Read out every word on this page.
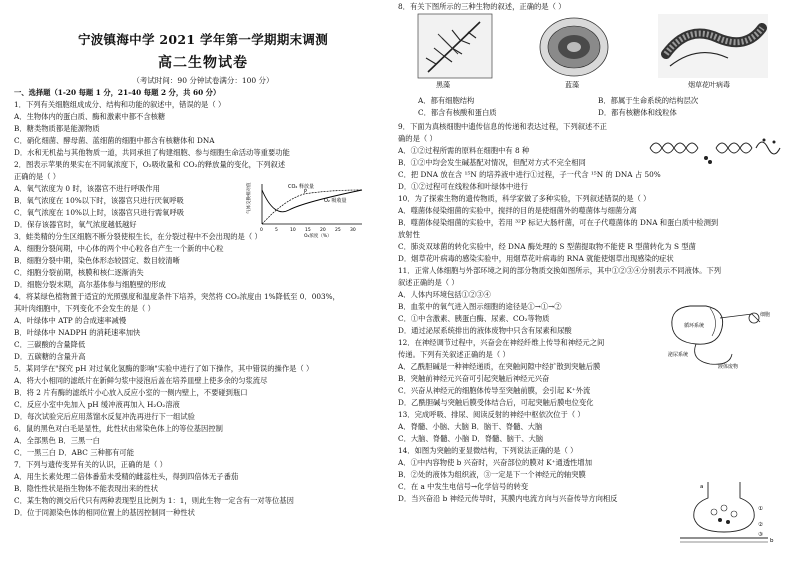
宁波镇海中学 2021 学年第一学期期末调测
高二生物试卷
（考试时间：90 分钟试卷满分：100 分）
一、选择题（1-20 每题 1 分，21-40 每题 2 分，共 60 分）
1．下列有关细胞组成成分、结构和功能的叙述中，错误的是（ ）
A．生物体内的蛋白质、酶和激素中都不含核糖
B．糖类物质都是能源物质
C．硝化细菌、酵母菌、蓝细菌的细胞中都含有核糖体和 DNA
D．水和无机盐与其他物质一道，共同承担了构建细胞、参与细胞生命活动等重要功能
2．图表示苹果的果实在不同氧浓度下，O₂吸收量和 CO₂的释放量的变化，下列叙述
正确的是（ ）
A．氧气浓度为 0 时，该器官不进行呼吸作用
B．氧气浓度在 10%以下时，该器官只进行厌氧呼吸
C．氧气浓度在 10%以上时，该器官只进行需氧呼吸
D．保存该器官时，氧气浓度越低越好
3．蛙类精的分生区细胞不断分裂使根生长，在分裂过程中不会出现的是（ ）
A．细胞分裂间期，中心体的两个中心粒各自产生一个新的中心粒
B．细胞分裂中期，染色体形态较固定、数目较清晰
C．细胞分裂前期，核膜和核仁逐渐消失
D．细胞分裂末期，高尔基体参与细胞壁的形成
4．将某绿色植物置于适宜的光照强度和温度条件下培养，突然将 CO₂浓度由 1%降低至 0．003%，
其叶肉细胞中，下列变化不会发生的是（ ）
A．叶绿体中 ATP 的合成速率减慢
B．叶绿体中 NADPH 的消耗速率加快
C．三碳酸的含量降低
D．五碳糖的含量升高
5．某同学在"探究 pH 对过氧化氢酶的影响"实验中进行了如下操作，其中错误的操作是（ ）
A．将大小相同的滤纸片在新鲜匀浆中浸泡后盖在培养皿壁上使多余的匀浆流尽
B．将 2 片有酶的滤纸片小心放入反应小室的一侧内壁上，不要碰到瓶口
C．反应小室中先加入 pH 缓冲液再加入 H₂O₂溶液
D．每次试验完后应用蒸馏水反复冲洗再进行下一组试验
6．鼠的黑色对白毛是显性，此性状由常染色体上的等位基因控制
A．全部黑色 B．三黑一白
C．一黑三白 D．ABC 三种都有可能
7．下列与遗传变异有关的认识，正确的是（ ）
A．用生长素处理二倍体番茄未受精的雌蕊柱头，得到四倍体无子番茄
B．隐性性状是指生物体不能表现出来的性状
C．某生物的测交后代只有两种表现型且比例为 1：1，则此生物一定含有一对等位基因
D．位于同源染色体的相同位置上的基因控制同一种性状
CO₂ 释放量
O₂ 吸收量
P
气体交换相对值
0	5	10 15 20 25 30
O₂浓度（%）
8．有关下图所示的三种生物的叙述，正确的是（ ）
A．都有细胞结构	B．都属于生命系统的结构层次
C．都含有核酸和蛋白质	D．都有核糖体和线粒体
9．下面为真核细胞中遗传信息的传递和表达过程，下列叙述不正
确的是（ ）
A．①②过程所需的原料在细胞中有 8 种
B．①②中均会发生碱基配对情况，但配对方式不完全相同
C．把 DNA 放在含 ¹⁵N 的培养液中进行①过程，子一代含 ¹⁵N 的 DNA 占 50%
D．①②过程可在线粒体和叶绿体中进行
10．为了探索生物的遗传物质，科学家做了多种实验，下列叙述错误的是（ ）
A．噬菌体侵染细菌的实验中，搅拌的目的是使细菌外的噬菌体与细菌分离
B．噬菌体侵染细菌的实验中，若用 ³²P 标记大肠杆菌，可在子代噬菌体的 DNA 和蛋白质中检测到
放射性
C．肺炎双球菌的转化实验中，经 DNA 酶处理的 S 型菌提取物不能使 R 型菌转化为 S 型菌
D．烟草花叶病毒的感染实验中，用烟草花叶病毒的 RNA 就能使烟草出现感染的症状
11．正常人体细胞与外部环境之间的部分物质交换如图所示，其中①②③④分别表示不同液体。下列
叙述正确的是（ ）
A．人体内环境包括①②③④
B．血浆中的氧气进入图示细胞的途径是①→①→②
C．①中含激素、胰蛋白酶、尿素、CO₂等物质
D．通过泌尿系统排出的液体废物中只含有尿素和尿酸
12．在神经调节过程中，兴奋会在神经纤维上传导和神经元之间
传递。下列有关叙述正确的是（ ）
A．乙酰胆碱是一种神经递质，在突触间隙中经扩散到突触后膜
B．突触前神经元兴奋可引起突触后神经元兴奋
C．兴奋从神经元的细胞体传导至突触前膜，会引起 K⁺外流
D．乙酰胆碱与突触后膜受体结合后，可起突触后膜电位变化
13．完成呼吸、排尿、阅读反射的神经中枢依次位于（ ）
A．脊髓、小脑、大脑 B．脑干、脊髓、大脑
C．大脑、脊髓、小脑 D．脊髓、脑干、大脑
14．如图为突触的亚显微结构，下列说法正确的是（ ）
A．①中内容物使 b 兴奋时，兴奋部位的膜对 K⁺通透性增加
B．②处的液体为组织液，③一定是下一个神经元的轴突膜
C．在 a 中发生电信号→化学信号的转变
D．当兴奋沿 b 神经元传导时，其膜内电流方向与兴奋传导方向相反
黑藻	蓝藻	烟草花叶病毒
细胞
循环系统
泌尿系统
液体废物
a
b
①
②
③
